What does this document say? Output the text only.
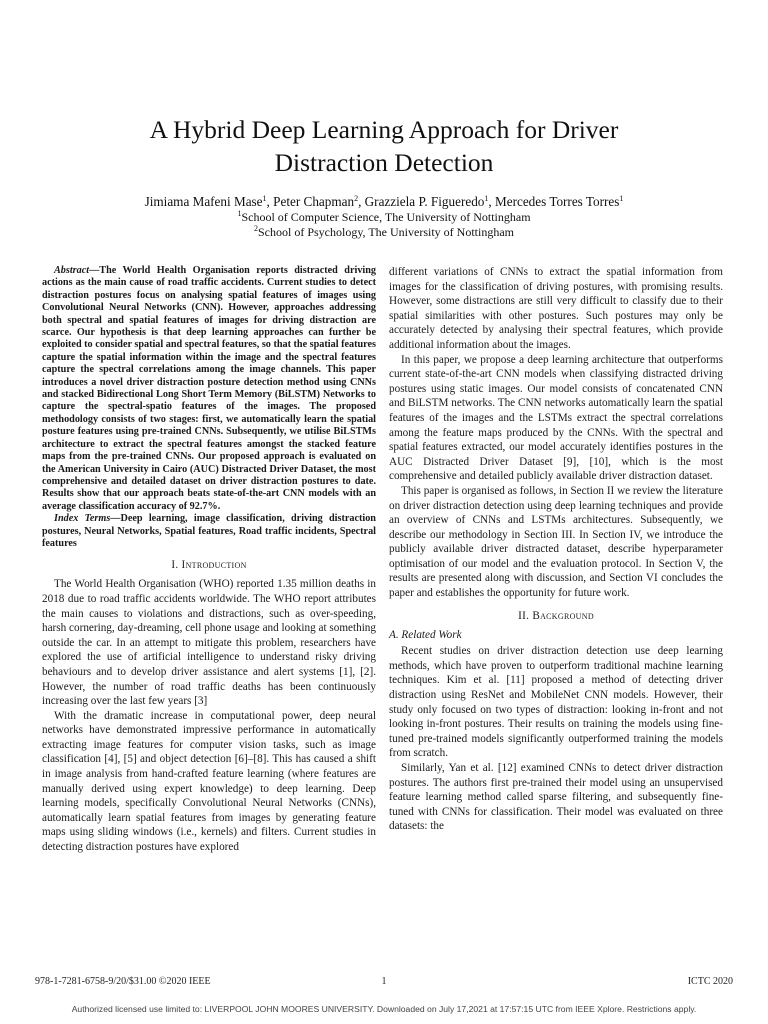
A Hybrid Deep Learning Approach for Driver
Distraction Detection
Jimiama Mafeni Mase$^1$, Peter Chapman$^2$, Grazziela P. Figueredo$^1$, Mercedes Torres Torres$^1$
$^1$School of Computer Science, The University of Nottingham
$^2$School of Psychology, The University of Nottingham

Abstract—The World Health Organisation reports distracted driving actions as the main cause of road traffic accidents. Current studies to detect distraction postures focus on analysing spatial features of images using Convolutional Neural Networks (CNN). However, approaches addressing both spectral and spatial features of images for driving distraction are scarce. Our hypothesis is that deep learning approaches can further be exploited to consider spatial and spectral features, so that the spatial features capture the spatial information within the image and the spectral features capture the spectral correlations among the image channels. This paper introduces a novel driver distraction posture detection method using CNNs and stacked Bidirectional Long Short Term Memory (BiLSTM) Networks to capture the spectral-spatio features of the images. The proposed methodology consists of two stages: first, we automatically learn the spatial posture features using pre-trained CNNs. Subsequently, we utilise BiLSTMs architecture to extract the spectral features amongst the stacked feature maps from the pre-trained CNNs. Our proposed approach is evaluated on the American University in Cairo (AUC) Distracted Driver Dataset, the most comprehensive and detailed dataset on driver distraction postures to date. Results show that our approach beats state-of-the-art CNN models with an average classification accuracy of 92.7%.

Index Terms—Deep learning, image classification, driving distraction postures, Neural Networks, Spatial features, Road traffic incidents, Spectral features

I. Introduction

The World Health Organisation (WHO) reported 1.35 million deaths in 2018 due to road traffic accidents worldwide. The WHO report attributes the main causes to violations and distractions, such as over-speeding, harsh cornering, day-dreaming, cell phone usage and looking at something outside the car. In an attempt to mitigate this problem, researchers have explored the use of artificial intelligence to understand risky driving behaviours and to develop driver assistance and alert systems [1], [2]. However, the number of road traffic deaths has been continuously increasing over the last few years [3]

With the dramatic increase in computational power, deep neural networks have demonstrated impressive performance in automatically extracting image features for computer vision tasks, such as image classification [4], [5] and object detection [6]–[8]. This has caused a shift in image analysis from hand-crafted feature learning (where features are manually derived using expert knowledge) to deep learning. Deep learning models, specifically Convolutional Neural Networks (CNNs), automatically learn spatial features from images by generating feature maps using sliding windows (i.e., kernels) and filters. Current studies in detecting distraction postures have explored

different variations of CNNs to extract the spatial information from images for the classification of driving postures, with promising results. However, some distractions are still very difficult to classify due to their spatial similarities with other postures. Such postures may only be accurately detected by analysing their spectral features, which provide additional information about the images.

In this paper, we propose a deep learning architecture that outperforms current state-of-the-art CNN models when classifying distracted driving postures using static images. Our model consists of concatenated CNN and BiLSTM networks. The CNN networks automatically learn the spatial features of the images and the LSTMs extract the spectral correlations among the feature maps produced by the CNNs. With the spectral and spatial features extracted, our model accurately identifies postures in the AUC Distracted Driver Dataset [9], [10], which is the most comprehensive and detailed publicly available driver distraction dataset.

This paper is organised as follows, in Section II we review the literature on driver distraction detection using deep learning techniques and provide an overview of CNNs and LSTMs architectures. Subsequently, we describe our methodology in Section III. In Section IV, we introduce the publicly available driver distracted dataset, describe hyperparameter optimisation of our model and the evaluation protocol. In Section V, the results are presented along with discussion, and Section VI concludes the paper and establishes the opportunity for future work.

II. Background
A. Related Work

Recent studies on driver distraction detection use deep learning methods, which have proven to outperform traditional machine learning techniques. Kim et al. [11] proposed a method of detecting driver distraction using ResNet and MobileNet CNN models. However, their study only focused on two types of distraction: looking in-front and not looking in-front postures. Their results on training the models using fine-tuned pre-trained models significantly outperformed training the models from scratch.

Similarly, Yan et al. [12] examined CNNs to detect driver distraction postures. The authors first pre-trained their model using an unsupervised feature learning method called sparse filtering, and subsequently fine-tuned with CNNs for classification. Their model was evaluated on three datasets: the

978-1-7281-6758-9/20/$31.00 ©2020 IEEE	1	ICTC 2020
Authorized licensed use limited to: LIVERPOOL JOHN MOORES UNIVERSITY. Downloaded on July 17,2021 at 17:57:15 UTC from IEEE Xplore. Restrictions apply.
